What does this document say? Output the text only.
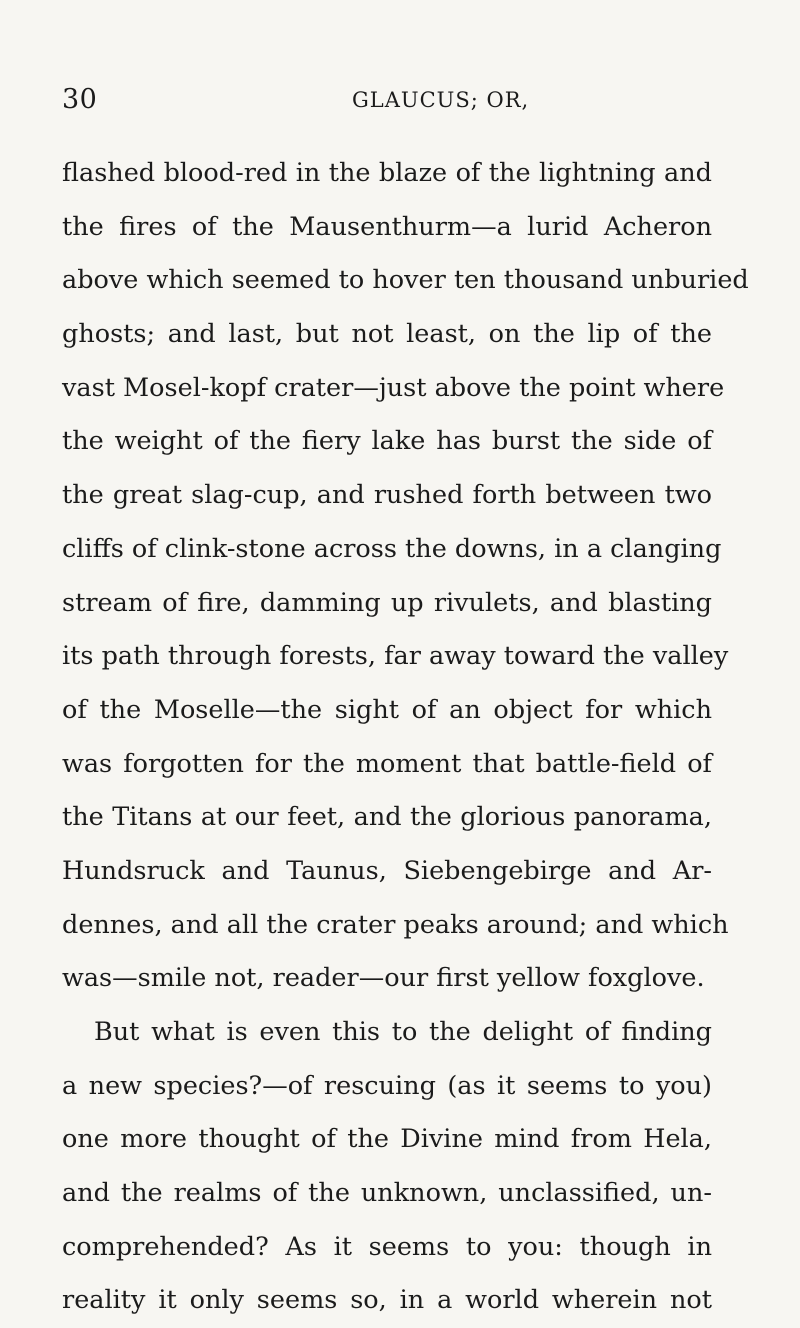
30	GLAUCUS; OR,
flashed blood-red in the blaze of the lightning and
the fires of the Mausenthurm—a lurid Acheron
above which seemed to hover ten thousand unburied
ghosts; and last, but not least, on the lip of the
vast Mosel-kopf crater—just above the point where
the weight of the fiery lake has burst the side of
the great slag-cup, and rushed forth between two
cliffs of clink-stone across the downs, in a clanging
stream of fire, damming up rivulets, and blasting
its path through forests, far away toward the valley
of the Moselle—the sight of an object for which
was forgotten for the moment that battle-field of
the Titans at our feet, and the glorious panorama,
Hundsruck and Taunus, Siebengebirge and Ar-
dennes, and all the crater peaks around; and which
was—smile not, reader—our first yellow foxglove.
But what is even this to the delight of finding
a new species?—of rescuing (as it seems to you)
one more thought of the Divine mind from Hela,
and the realms of the unknown, unclassified, un-
comprehended? As it seems to you: though in
reality it only seems so, in a world wherein not
